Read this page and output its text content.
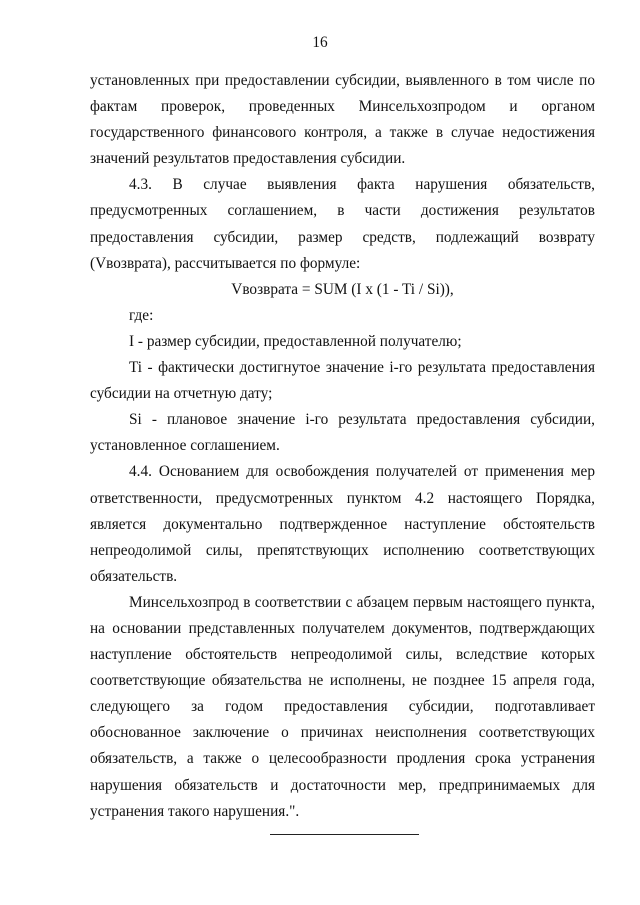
16
установленных при предоставлении субсидии, выявленного в том числе по
фактам проверок, проведенных Минсельхозпродом и органом
государственного финансового контроля, а также в случае недостижения
значений результатов предоставления субсидии.
4.3. В случае выявления факта нарушения обязательств,
предусмотренных соглашением, в части достижения результатов
предоставления субсидии, размер средств, подлежащий возврату
(Vвозврата), рассчитывается по формуле:
Vвозврата = SUM (I x (1 - Ti / Si)),
где:
I - размер субсидии, предоставленной получателю;
Ti - фактически достигнутое значение i-го результата предоставления
субсидии на отчетную дату;
Si - плановое значение i-го результата предоставления субсидии,
установленное соглашением.
4.4. Основанием для освобождения получателей от применения мер
ответственности, предусмотренных пунктом 4.2 настоящего Порядка,
является документально подтвержденное наступление обстоятельств
непреодолимой силы, препятствующих исполнению соответствующих
обязательств.
Минсельхозпрод в соответствии с абзацем первым настоящего пункта,
на основании представленных получателем документов, подтверждающих
наступление обстоятельств непреодолимой силы, вследствие которых
соответствующие обязательства не исполнены, не позднее 15 апреля года,
следующего за годом предоставления субсидии, подготавливает
обоснованное заключение о причинах неисполнения соответствующих
обязательств, а также о целесообразности продления срока устранения
нарушения обязательств и достаточности мер, предпринимаемых для
устранения такого нарушения.".
